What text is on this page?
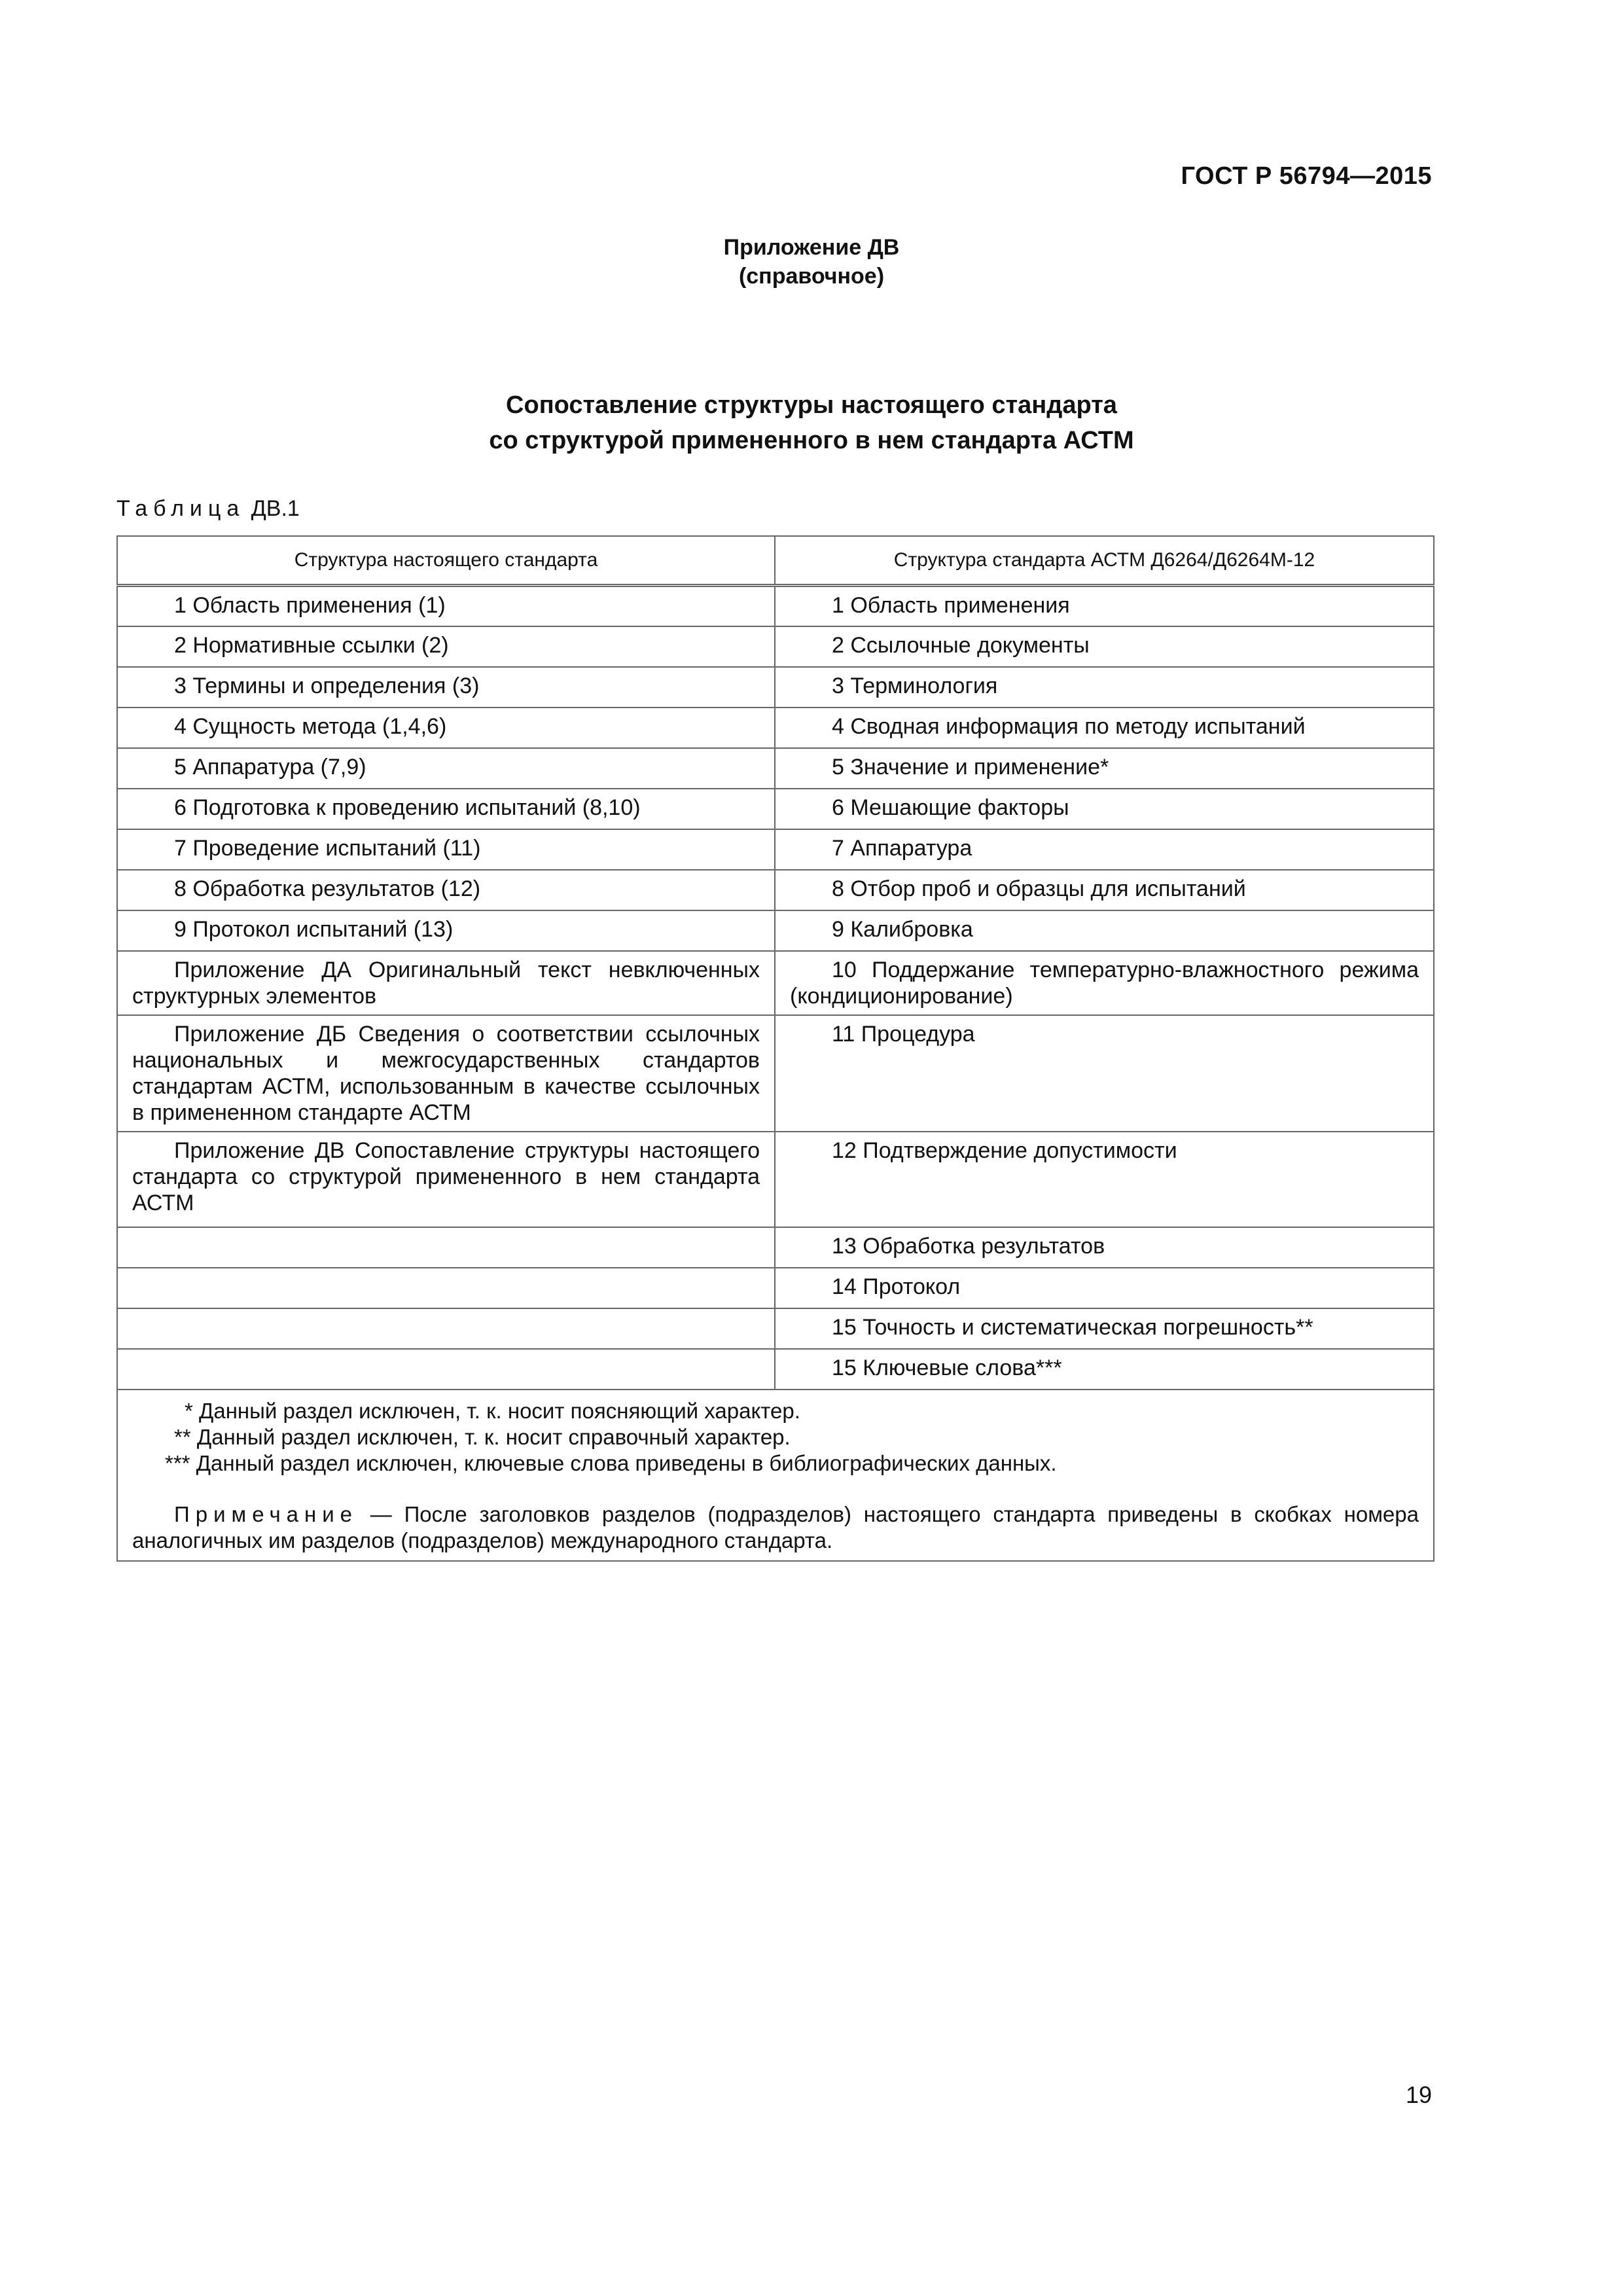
ГОСТ Р 56794—2015
Приложение ДВ
(справочное)
Сопоставление структуры настоящего стандарта
со структурой примененного в нем стандарта АСТМ
Таблица ДВ.1
Структура настоящего стандарта	Структура стандарта АСТМ Д6264/Д6264М-12
1 Область применения (1)	1 Область применения
2 Нормативные ссылки (2)	2 Ссылочные документы
3 Термины и определения (3)	3 Терминология
4 Сущность метода (1,4,6)	4 Сводная информация по методу испытаний
5 Аппаратура (7,9)	5 Значение и применение*
6 Подготовка к проведению испытаний (8,10)	6 Мешающие факторы
7 Проведение испытаний (11)	7 Аппаратура
8 Обработка результатов (12)	8 Отбор проб и образцы для испытаний
9 Протокол испытаний (13)	9 Калибровка
Приложение ДА Оригинальный текст невключенных структурных элементов	10 Поддержание температурно-влажностного режима (кондиционирование)
Приложение ДБ Сведения о соответствии ссылочных национальных и межгосударственных стандартов стандартам АСТМ, использованным в качестве ссылочных в примененном стандарте АСТМ	11 Процедура
Приложение ДВ Сопоставление структуры настоящего стандарта со структурой примененного в нем стандарта АСТМ	12 Подтверждение допустимости
	13 Обработка результатов
	14 Протокол
	15 Точность и систематическая погрешность**
	15 Ключевые слова***

* Данный раздел исключен, т. к. носит поясняющий характер.
** Данный раздел исключен, т. к. носит справочный характер.
*** Данный раздел исключен, ключевые слова приведены в библиографических данных.
Примечание — После заголовков разделов (подразделов) настоящего стандарта приведены в скобках номера аналогичных им разделов (подразделов) международного стандарта.	
19
